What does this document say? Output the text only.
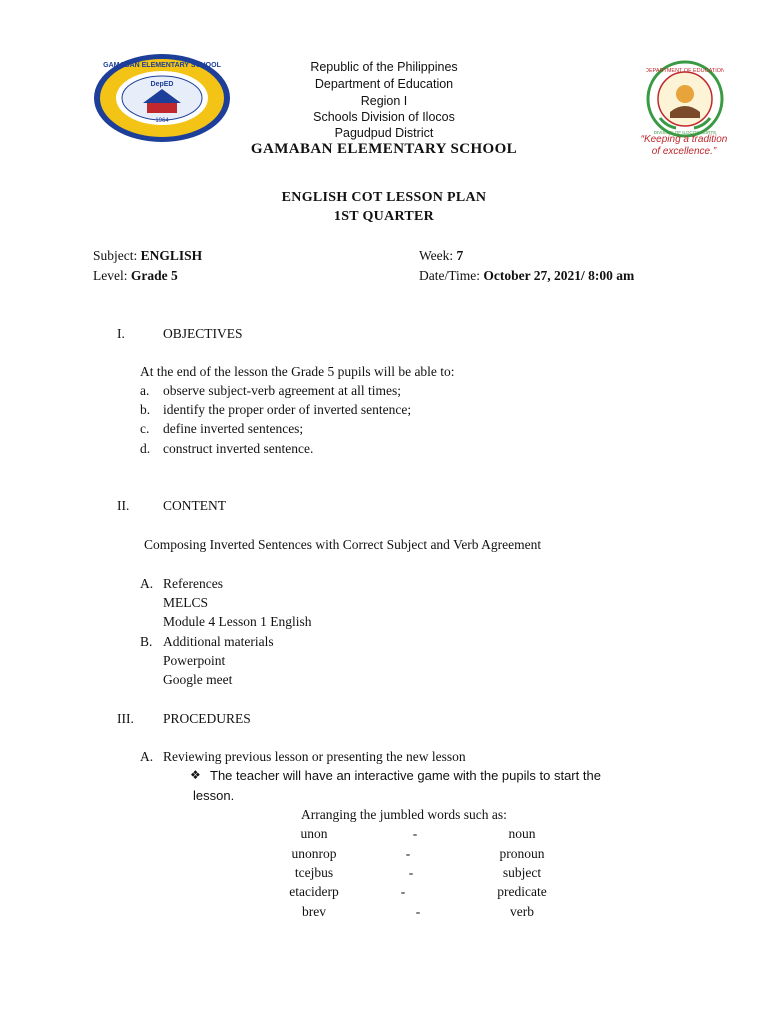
DepED
1964
GAMABAN ELEMENTARY SCHOOL
DEPARTMENT OF EDUCATION
DIVISION OF ILOCOS NORTE
Republic of the Philippines
Department of Education
Region I
Schools Division of Ilocos
Pagudpud District
GAMABAN ELEMENTARY SCHOOL
“Keeping a tradition
of excellence.”
ENGLISH COT LESSON PLAN
1ST QUARTER
Subject: ENGLISH
Level: Grade 5
Week: 7
Date/Time: October 27, 2021/ 8:00 am
I.	OBJECTIVES
At the end of the lesson the Grade 5 pupils will be able to:
a. observe subject-verb agreement at all times;
b. identify the proper order of inverted sentence;
c. define inverted sentences;
d. construct inverted sentence.
II. CONTENT
Composing Inverted Sentences with Correct Subject and Verb Agreement
A. References
MELCS
Module 4 Lesson 1 English
B. Additional materials
Powerpoint
Google meet
III. PROCEDURES
A. Reviewing previous lesson or presenting the new lesson
❖ The teacher will have an interactive game with the pupils to start the
lesson.
Arranging the jumbled words such as:
unon	-	noun
unonrop	-	pronoun
tcejbus	-	subject
etaciderp	-	predicate
brev	-	verb
